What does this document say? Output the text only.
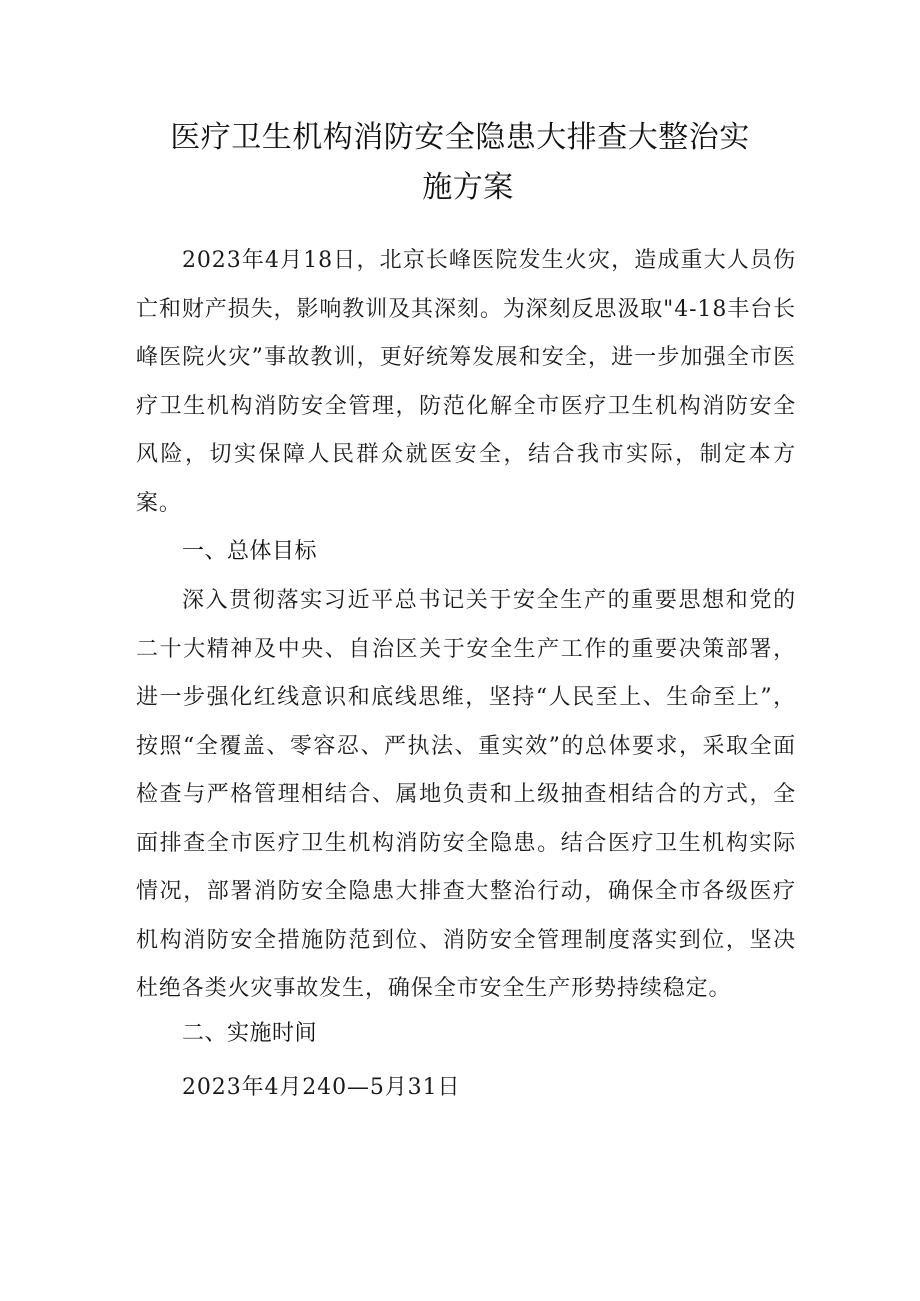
医疗卫生机构消防安全隐患大排查大整治实
施方案

2023年4月18日，北京长峰医院发生火灾，造成重大人员伤亡和财产损失，影响教训及其深刻。为深刻反思汲取"4-18丰台长峰医院火灾”事故教训，更好统筹发展和安全，进一步加强全市医疗卫生机构消防安全管理，防范化解全市医疗卫生机构消防安全风险，切实保障人民群众就医安全，结合我市实际，制定本方案。

一、总体目标

深入贯彻落实习近平总书记关于安全生产的重要思想和党的二十大精神及中央、自治区关于安全生产工作的重要决策部署，进一步强化红线意识和底线思维，坚持“人民至上、生命至上”，按照“全覆盖、零容忍、严执法、重实效”的总体要求，采取全面检查与严格管理相结合、属地负责和上级抽查相结合的方式，全面排查全市医疗卫生机构消防安全隐患。结合医疗卫生机构实际情况，部署消防安全隐患大排查大整治行动，确保全市各级医疗机构消防安全措施防范到位、消防安全管理制度落实到位，坚决杜绝各类火灾事故发生，确保全市安全生产形势持续稳定。

二、实施时间

2023年4月240—5月31日
